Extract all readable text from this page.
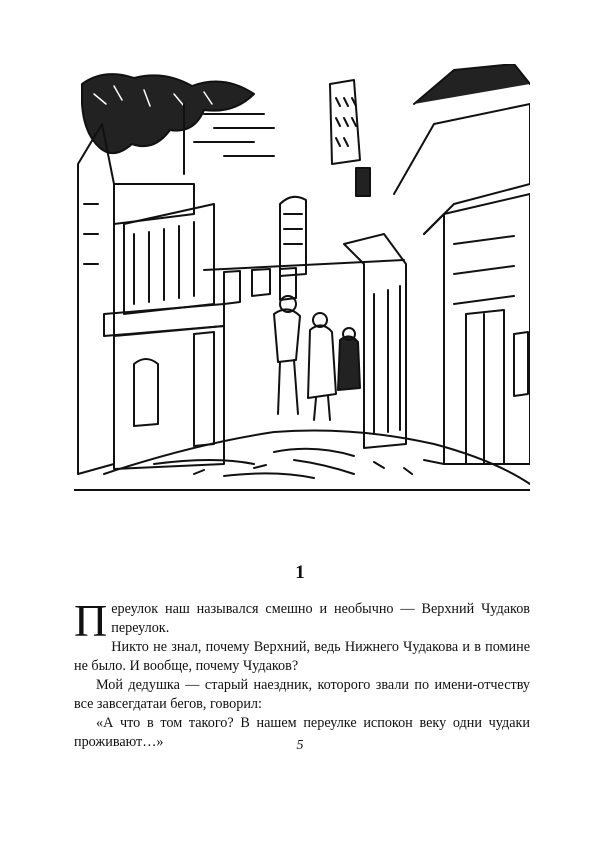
1

Переулок наш назывался смешно и необычно — Верхний Чудаков переулок.

Никто не знал, почему Верхний, ведь Нижнего Чудакова и в помине не было. И вообще, почему Чудаков?

Мой дедушка — старый наездник, которого звали по имени-отчеству все завсегдатаи бегов, говорил:

«А что в том такого? В нашем переулке испокон веку одни чудаки проживают…»	5
